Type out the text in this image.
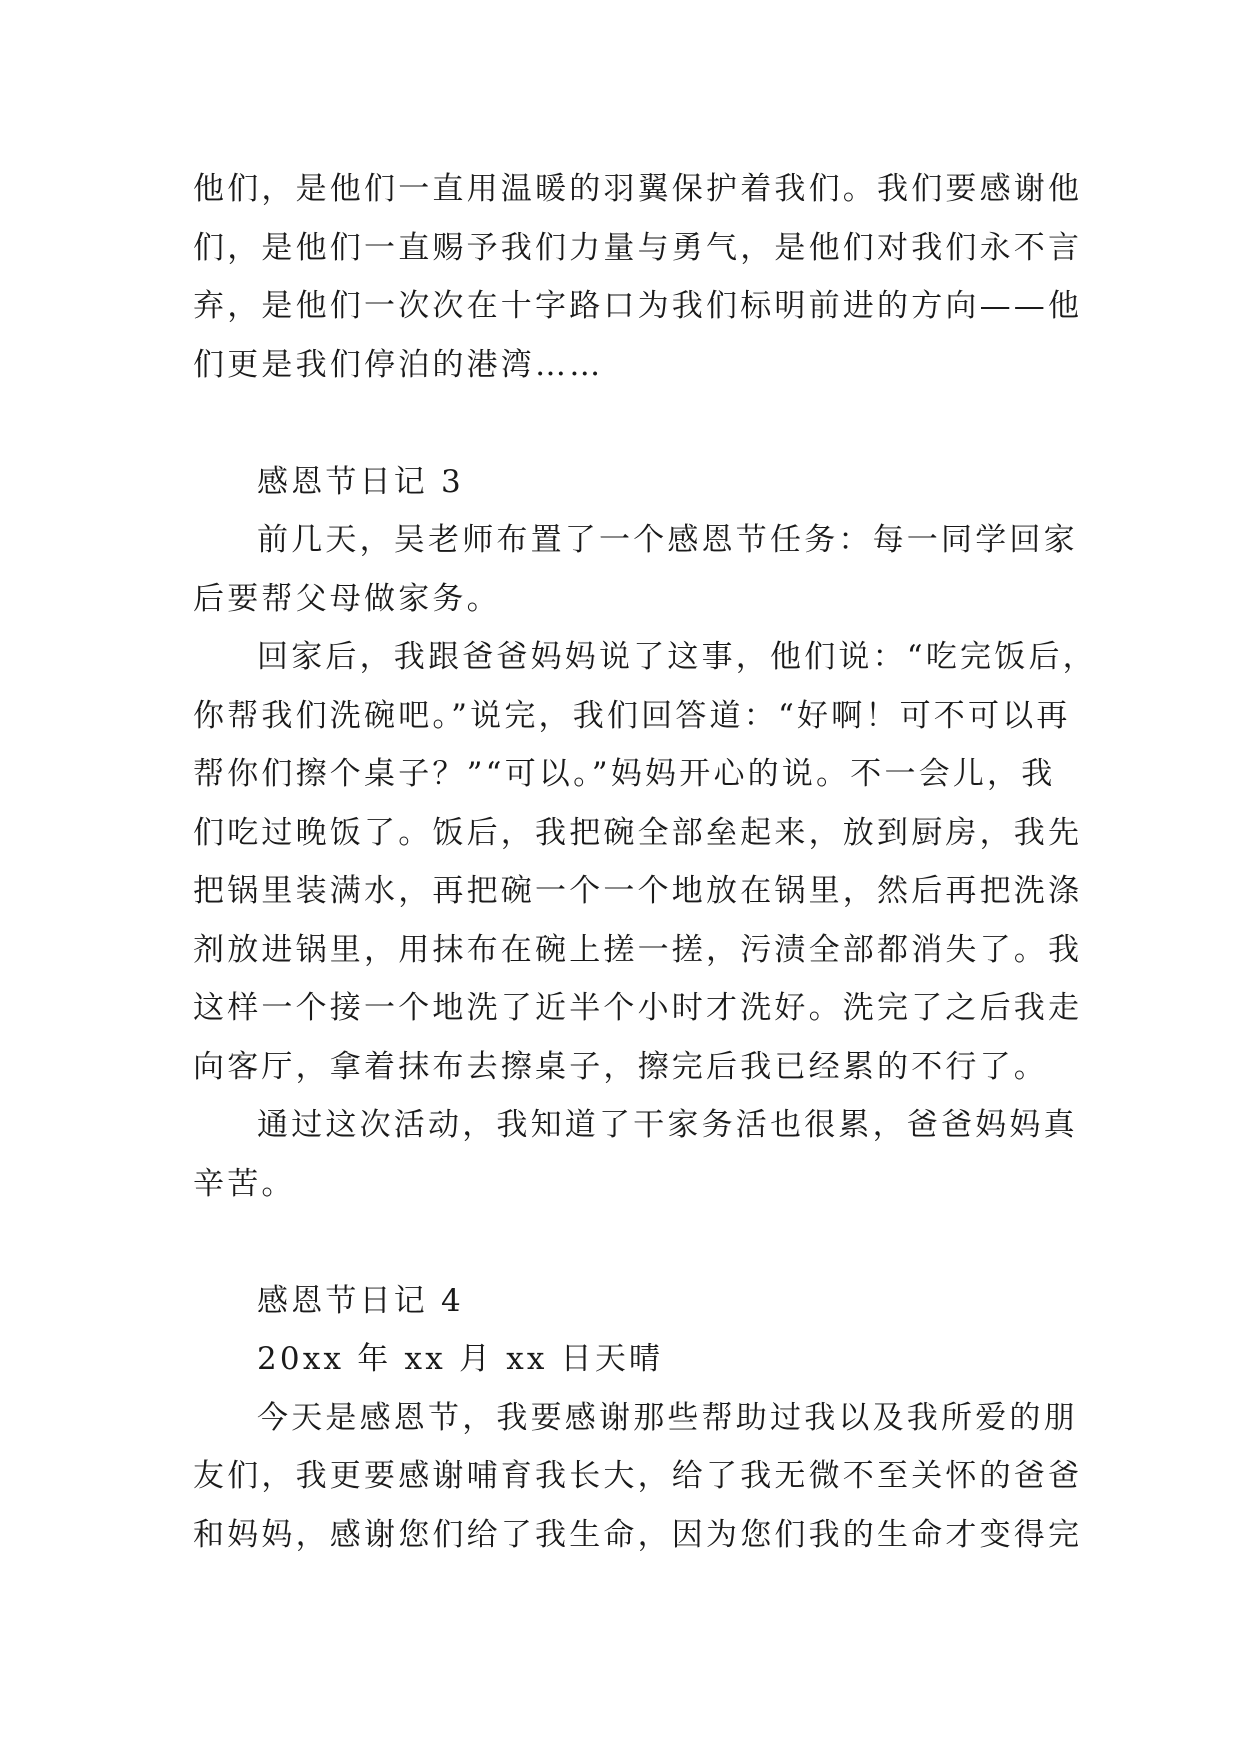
他们，是他们一直用温暖的羽翼保护着我们。我们要感谢他
们，是他们一直赐予我们力量与勇气，是他们对我们永不言
弃，是他们一次次在十字路口为我们标明前进的方向——他
们更是我们停泊的港湾……
感恩节日记 3
前几天，吴老师布置了一个感恩节任务：每一同学回家
后要帮父母做家务。
回家后，我跟爸爸妈妈说了这事，他们说：“吃完饭后，
你帮我们洗碗吧。”说完，我们回答道：“好啊！可不可以再
帮你们擦个桌子？”“可以。”妈妈开心的说。不一会儿，我
们吃过晚饭了。饭后，我把碗全部垒起来，放到厨房，我先
把锅里装满水，再把碗一个一个地放在锅里，然后再把洗涤
剂放进锅里，用抹布在碗上搓一搓，污渍全部都消失了。我
这样一个接一个地洗了近半个小时才洗好。洗完了之后我走
向客厅，拿着抹布去擦桌子，擦完后我已经累的不行了。
通过这次活动，我知道了干家务活也很累，爸爸妈妈真
辛苦。
感恩节日记 4
20xx 年 xx 月 xx 日天晴
今天是感恩节，我要感谢那些帮助过我以及我所爱的朋
友们，我更要感谢哺育我长大，给了我无微不至关怀的爸爸
和妈妈，感谢您们给了我生命，因为您们我的生命才变得完
